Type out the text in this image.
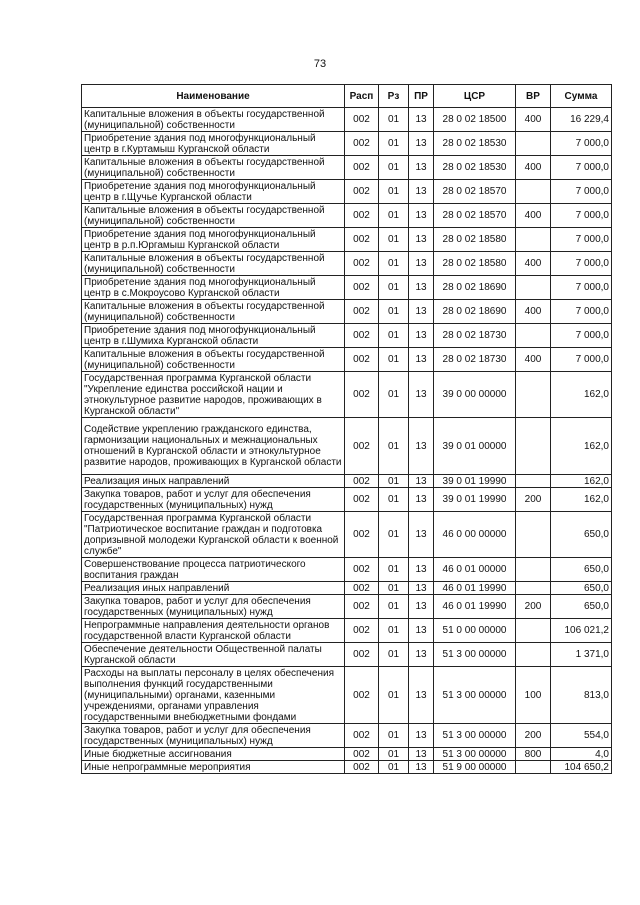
73
Наименование	Расп	Рз	ПР	ЦСР	ВР	Сумма
Капитальные вложения в объекты государственной (муниципальной) собственности	002	01	13	28 0 02 18500	400	16 229,4
Приобретение здания под многофункциональный центр в г.Куртамыш Курганской области	002	01	13	28 0 02 18530		7 000,0
Капитальные вложения в объекты государственной (муниципальной) собственности	002	01	13	28 0 02 18530	400	7 000,0
Приобретение здания под многофункциональный центр в г.Щучье Курганской области	002	01	13	28 0 02 18570		7 000,0
Капитальные вложения в объекты государственной (муниципальной) собственности	002	01	13	28 0 02 18570	400	7 000,0
Приобретение здания под многофункциональный центр в р.п.Юргамыш Курганской области	002	01	13	28 0 02 18580		7 000,0
Капитальные вложения в объекты государственной (муниципальной) собственности	002	01	13	28 0 02 18580	400	7 000,0
Приобретение здания под многофункциональный центр в с.Мокроусово Курганской области	002	01	13	28 0 02 18690		7 000,0
Капитальные вложения в объекты государственной (муниципальной) собственности	002	01	13	28 0 02 18690	400	7 000,0
Приобретение здания под многофункциональный центр в г.Шумиха Курганской области	002	01	13	28 0 02 18730		7 000,0
Капитальные вложения в объекты государственной (муниципальной) собственности	002	01	13	28 0 02 18730	400	7 000,0
Государственная программа Курганской области "Укрепление единства российской нации и этнокультурное развитие народов, проживающих в Курганской области"	002	01	13	39 0 00 00000		162,0
Содействие укреплению гражданского единства, гармонизации национальных и межнациональных отношений в Курганской области и этнокультурное развитие народов, проживающих в Курганской области	002	01	13	39 0 01 00000		162,0
Реализация иных направлений	002	01	13	39 0 01 19990		162,0
Закупка товаров, работ и услуг для обеспечения государственных (муниципальных) нужд	002	01	13	39 0 01 19990	200	162,0
Государственная программа Курганской области "Патриотическое воспитание граждан и подготовка допризывной молодежи Курганской области к военной службе"	002	01	13	46 0 00 00000		650,0
Совершенствование процесса патриотического воспитания граждан	002	01	13	46 0 01 00000		650,0
Реализация иных направлений	002	01	13	46 0 01 19990		650,0
Закупка товаров, работ и услуг для обеспечения государственных (муниципальных) нужд	002	01	13	46 0 01 19990	200	650,0
Непрограммные направления деятельности органов государственной власти Курганской области	002	01	13	51 0 00 00000		106 021,2
Обеспечение деятельности Общественной палаты Курганской области	002	01	13	51 3 00 00000		1 371,0
Расходы на выплаты персоналу в целях обеспечения выполнения функций государственными (муниципальными) органами, казенными учреждениями, органами управления государственными внебюджетными фондами	002	01	13	51 3 00 00000	100	813,0
Закупка товаров, работ и услуг для обеспечения государственных (муниципальных) нужд	002	01	13	51 3 00 00000	200	554,0
Иные бюджетные ассигнования	002	01	13	51 3 00 00000	800	4,0
Иные непрограммные мероприятия	002	01	13	51 9 00 00000		104 650,2
